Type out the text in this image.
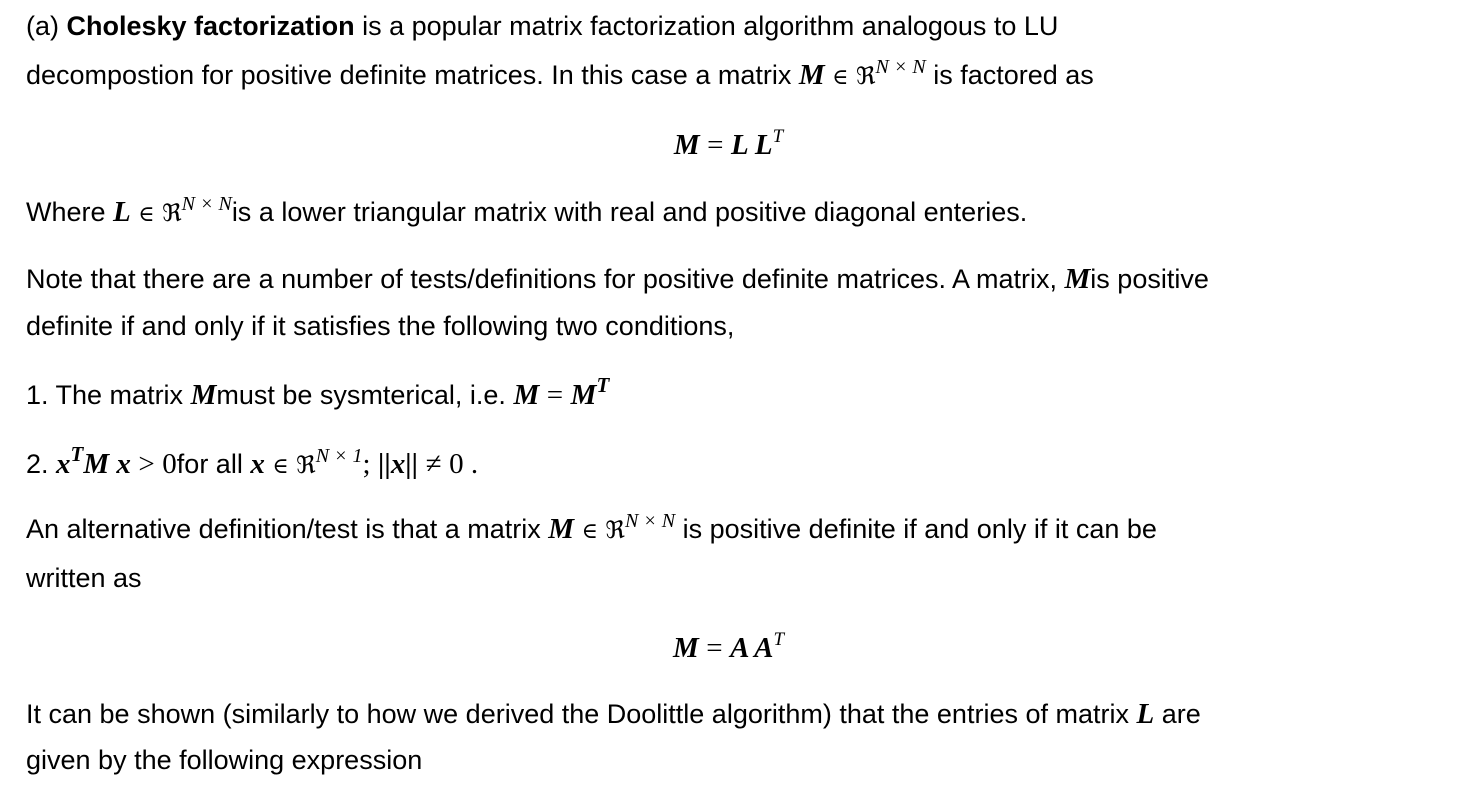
(a) Cholesky factorization is a popular matrix factorization algorithm analogous to LU
decompostion for positive definite matrices. In this case a matrix M ∈ ℜ$^{N \times N}$ is factored as
M = L $L^T$
Where L ∈ ℜ$^{N \times N}$is a lower triangular matrix with real and positive diagonal enteries.
Note that there are a number of tests/definitions for positive definite matrices. A matrix, Mis positive
definite if and only if it satisfies the following two conditions,
1. The matrix Mmust be sysmterical, i.e. $M = M^T$
2. $x^TM$ x > 0for all x ∈ ℜ$^{N \times 1}$; ||x|| ≠ 0 .
An alternative definition/test is that a matrix M ∈ ℜ$^{N \times N}$ is positive definite if and only if it can be
written as
M = A $A^T$
It can be shown (similarly to how we derived the Doolittle algorithm) that the entries of matrix L are
given by the following expression
